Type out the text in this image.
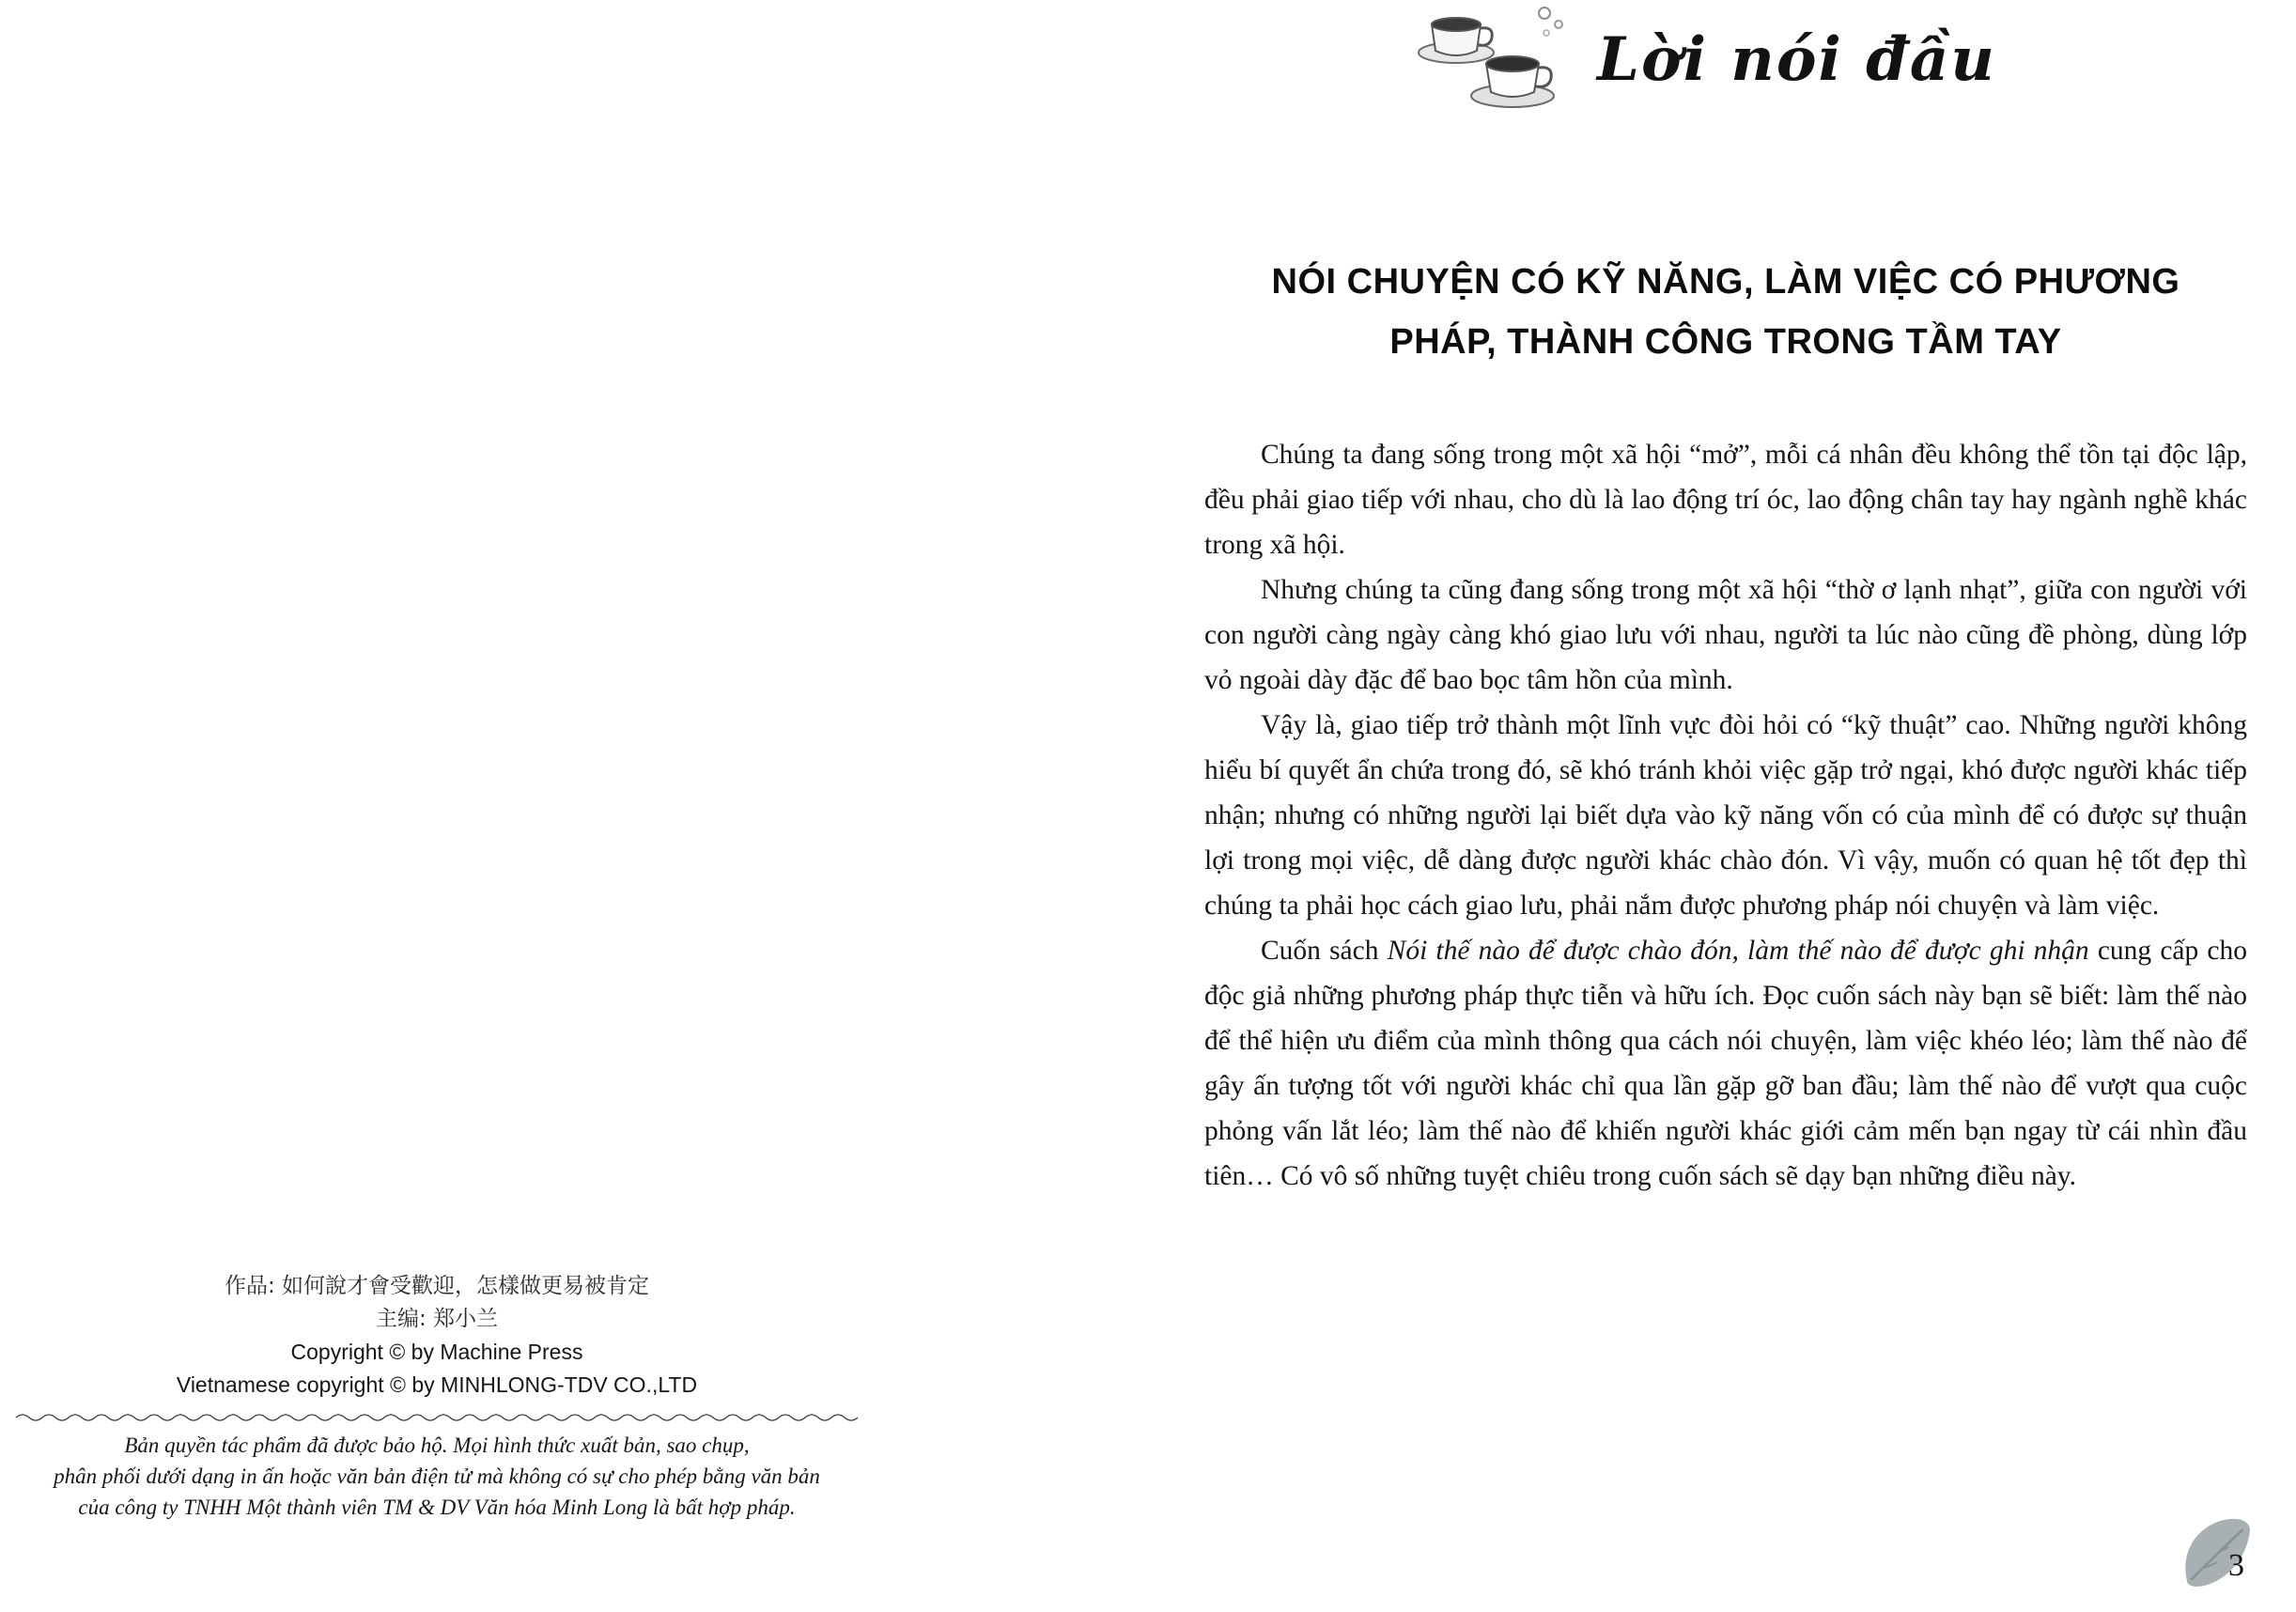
作品: 如何說才會受歡迎，怎樣做更易被肯定
主编: 郑小兰
Copyright © by Machine Press
Vietnamese copyright © by MINHLONG-TDV CO.,LTD
Bản quyền tác phẩm đã được bảo hộ. Mọi hình thức xuất bản, sao chụp,
phân phối dưới dạng in ấn hoặc văn bản điện tử mà không có sự cho phép bằng văn bản
của công ty TNHH Một thành viên TM & DV Văn hóa Minh Long là bất hợp pháp.
Lời nói đầu
NÓI CHUYỆN CÓ KỸ NĂNG, LÀM VIỆC CÓ PHƯƠNG
PHÁP, THÀNH CÔNG TRONG TẦM TAY

Chúng ta đang sống trong một xã hội “mở”, mỗi cá nhân đều không thể tồn tại độc lập, đều phải giao tiếp với nhau, cho dù là lao động trí óc, lao động chân tay hay ngành nghề khác trong xã hội.

Nhưng chúng ta cũng đang sống trong một xã hội “thờ ơ lạnh nhạt”, giữa con người với con người càng ngày càng khó giao lưu với nhau, người ta lúc nào cũng đề phòng, dùng lớp vỏ ngoài dày đặc để bao bọc tâm hồn của mình.

Vậy là, giao tiếp trở thành một lĩnh vực đòi hỏi có “kỹ thuật” cao. Những người không hiểu bí quyết ẩn chứa trong đó, sẽ khó tránh khỏi việc gặp trở ngại, khó được người khác tiếp nhận; nhưng có những người lại biết dựa vào kỹ năng vốn có của mình để có được sự thuận lợi trong mọi việc, dễ dàng được người khác chào đón. Vì vậy, muốn có quan hệ tốt đẹp thì chúng ta phải học cách giao lưu, phải nắm được phương pháp nói chuyện và làm việc.

Cuốn sách Nói thế nào để được chào đón, làm thế nào để được ghi nhận cung cấp cho độc giả những phương pháp thực tiễn và hữu ích. Đọc cuốn sách này bạn sẽ biết: làm thế nào để thể hiện ưu điểm của mình thông qua cách nói chuyện, làm việc khéo léo; làm thế nào để gây ấn tượng tốt với người khác chỉ qua lần gặp gỡ ban đầu; làm thế nào để vượt qua cuộc phỏng vấn lắt léo; làm thế nào để khiến người khác giới cảm mến bạn ngay từ cái nhìn đầu tiên… Có vô số những tuyệt chiêu trong cuốn sách sẽ dạy bạn những điều này.

3
